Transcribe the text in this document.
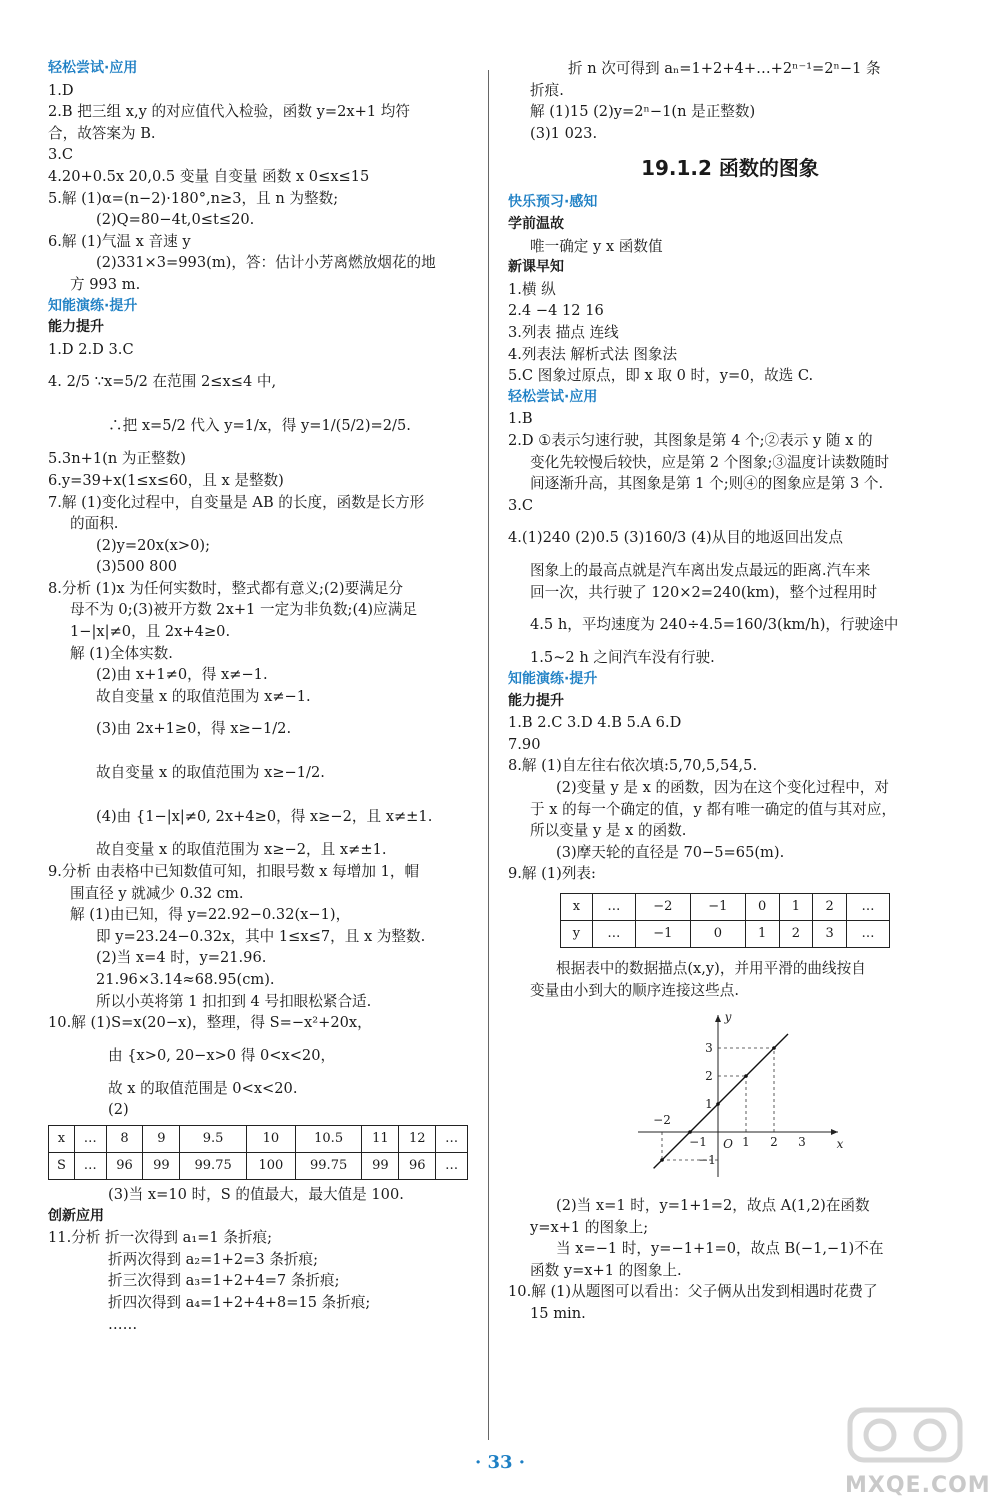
轻松尝试·应用
1.D
2.B 把三组 x,y 的对应值代入检验，函数 y=2x+1 均符
合，故答案为 B.
3.C
4.20+0.5x 20,0.5 变量 自变量 函数 x 0≤x≤15
5.解 (1)α=(n−2)·180°,n≥3，且 n 为整数;
(2)Q=80−4t,0≤t≤20.
6.解 (1)气温 x 音速 y
(2)331×3=993(m)，答：估计小芳离燃放烟花的地
方 993 m.
知能演练·提升
能力提升
1.D 2.D 3.C
4. 2/5 ∵x=5/2 在范围 2≤x≤4 中,
∴把 x=5/2 代入 y=1/x，得 y=1/(5/2)=2/5.
5.3n+1(n 为正整数)
6.y=39+x(1≤x≤60，且 x 是整数)
7.解 (1)变化过程中，自变量是 AB 的长度，函数是长方形
的面积.
(2)y=20x(x>0);
(3)500 800
8.分析 (1)x 为任何实数时，整式都有意义;(2)要满足分
母不为 0;(3)被开方数 2x+1 一定为非负数;(4)应满足
1−|x|≠0，且 2x+4≥0.
解 (1)全体实数.
(2)由 x+1≠0，得 x≠−1.
故自变量 x 的取值范围为 x≠−1.
(3)由 2x+1≥0，得 x≥−1/2.
故自变量 x 的取值范围为 x≥−1/2.
(4)由 {1−|x|≠0, 2x+4≥0，得 x≥−2，且 x≠±1.
故自变量 x 的取值范围为 x≥−2，且 x≠±1.
9.分析 由表格中已知数值可知，扣眼号数 x 每增加 1，帽
围直径 y 就减少 0.32 cm.
解 (1)由已知，得 y=22.92−0.32(x−1)，
即 y=23.24−0.32x，其中 1≤x≤7，且 x 为整数.
(2)当 x=4 时，y=21.96.
21.96×3.14≈68.95(cm).
所以小英将第 1 扣扣到 4 号扣眼松紧合适.
10.解 (1)S=x(20−x)，整理，得 S=−x²+20x，
由 {x>0, 20−x>0 得 0<x<20，
故 x 的取值范围是 0<x<20.
(2)
x	…	8	9	9.5	10	10.5	11	12	…
S	…	96	99	99.75	100	99.75	99	96	…
(3)当 x=10 时，S 的值最大，最大值是 100.
创新应用
11.分析 折一次得到 a₁=1 条折痕;
折两次得到 a₂=1+2=3 条折痕;
折三次得到 a₃=1+2+4=7 条折痕;
折四次得到 a₄=1+2+4+8=15 条折痕;
……
折 n 次可得到 aₙ=1+2+4+…+2ⁿ⁻¹=2ⁿ−1 条
折痕.
解 (1)15 (2)y=2ⁿ−1(n 是正整数)
(3)1 023.
19.1.2 函数的图象
快乐预习·感知
学前温故
唯一确定 y x 函数值
新课早知
1.横 纵
2.4 −4 12 16
3.列表 描点 连线
4.列表法 解析式法 图象法
5.C 图象过原点，即 x 取 0 时，y=0，故选 C.
轻松尝试·应用
1.B
2.D ①表示匀速行驶，其图象是第 4 个;②表示 y 随 x 的
变化先较慢后较快，应是第 2 个图象;③温度计读数随时
间逐渐升高，其图象是第 1 个;则④的图象应是第 3 个.
3.C
4.(1)240 (2)0.5 (3)160/3 (4)从目的地返回出发点
图象上的最高点就是汽车离出发点最远的距离.汽车来
回一次，共行驶了 120×2=240(km)，整个过程用时
4.5 h，平均速度为 240÷4.5=160/3(km/h)，行驶途中
1.5~2 h 之间汽车没有行驶.
知能演练·提升
能力提升
1.B 2.C 3.D 4.B 5.A 6.D
7.90
8.解 (1)自左往右依次填:5,70,5,54,5.
(2)变量 y 是 x 的函数，因为在这个变化过程中，对
于 x 的每一个确定的值，y 都有唯一确定的值与其对应，
所以变量 y 是 x 的函数.
(3)摩天轮的直径是 70−5=65(m).
9.解 (1)列表:
x	…	−2	−1	0	1	2	…
y	…	−1	0	1	2	3	…
根据表中的数据描点(x,y)，并用平滑的曲线按自
变量由小到大的顺序连接这些点.
−2
−1	1 2 3
3
2
1
−1
O	x
y
(2)当 x=1 时，y=1+1=2，故点 A(1,2)在函数
y=x+1 的图象上;
当 x=−1 时，y=−1+1=0，故点 B(−1,−1)不在
函数 y=x+1 的图象上.
10.解 (1)从题图可以看出：父子俩从出发到相遇时花费了
15 min.
· 33 ·
MXQE.COM
